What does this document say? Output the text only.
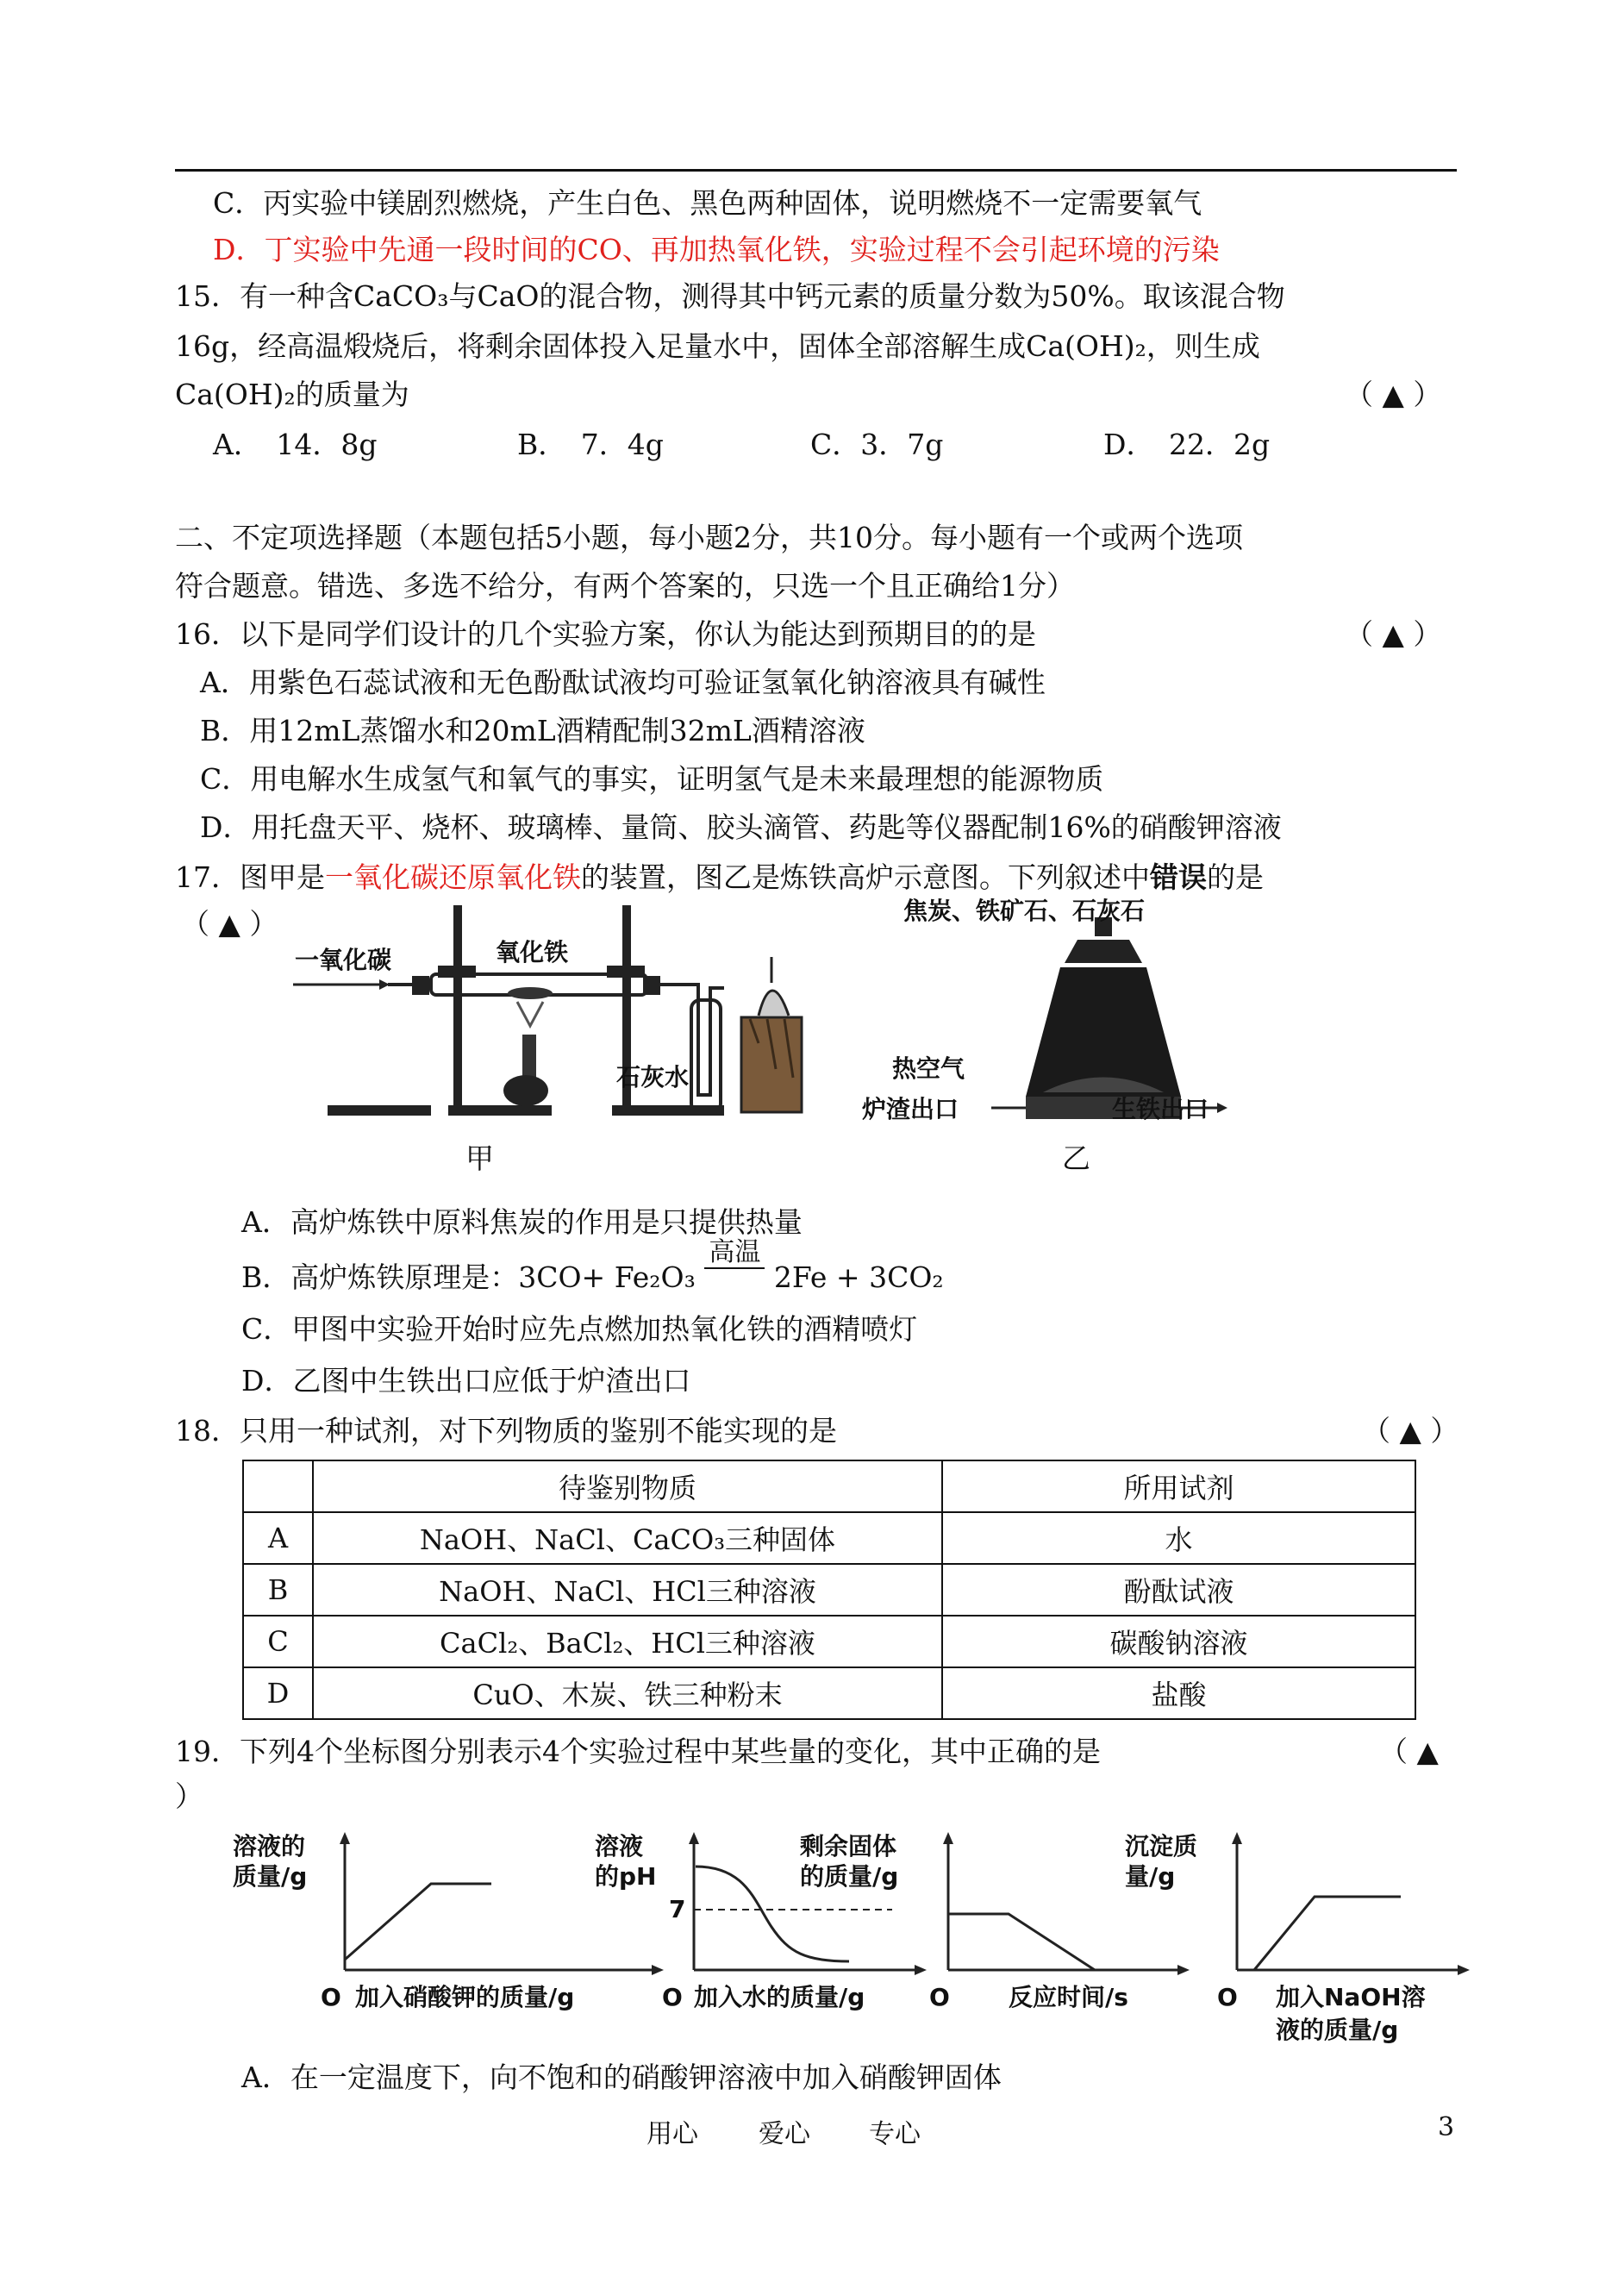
C．丙实验中镁剧烈燃烧，产生白色、黑色两种固体，说明燃烧不一定需要氧气
D．丁实验中先通一段时间的CO、再加热氧化铁，实验过程不会引起环境的污染
15．有一种含CaCO₃与CaO的混合物，测得其中钙元素的质量分数为50%。取该混合物
16g，经高温煅烧后，将剩余固体投入足量水中，固体全部溶解生成Ca(OH)₂，则生成
Ca(OH)₂的质量为	（ ▲ ）
A．　14．8g	B．　7．4g	C．3．7g	D．　22．2g
二、不定项选择题（本题包括5小题，每小题2分，共10分。每小题有一个或两个选项
符合题意。错选、多选不给分，有两个答案的，只选一个且正确给1分）
16．以下是同学们设计的几个实验方案，你认为能达到预期目的的是	（ ▲ ）
A．用紫色石蕊试液和无色酚酞试液均可验证氢氧化钠溶液具有碱性
B．用12mL蒸馏水和20mL酒精配制32mL酒精溶液
C．用电解水生成氢气和氧气的事实，证明氢气是未来最理想的能源物质
D．用托盘天平、烧杯、玻璃棒、量筒、胶头滴管、药匙等仪器配制16%的硝酸钾溶液
17．图甲是一氧化碳还原氧化铁的装置，图乙是炼铁高炉示意图。下列叙述中错误的是
（ ▲ ）
一氧化碳	氧化铁
石灰水
甲
焦炭、铁矿石、石灰石
热空气
炉渣出口	生铁出口
乙
A．高炉炼铁中原料焦炭的作用是只提供热量
B．高炉炼铁原理是：3CO+ Fe₂O₃
高温
2Fe + 3CO₂
C．甲图中实验开始时应先点燃加热氧化铁的酒精喷灯
D．乙图中生铁出口应低于炉渣出口
18．只用一种试剂，对下列物质的鉴别不能实现的是	（ ▲ ）
	待鉴别物质	所用试剂
A	NaOH、NaCl、CaCO₃三种固体	水
B	NaOH、NaCl、HCl三种溶液	酚酞试液
C	CaCl₂、BaCl₂、HCl三种溶液	碳酸钠溶液
D	CuO、木炭、铁三种粉末	盐酸
19．下列4个坐标图分别表示4个实验过程中某些量的变化，其中正确的是	（ ▲
）
溶液的
质量/g
O 加入硝酸钾的质量/g
溶液
的pH
7
O 加入水的质量/g
剩余固体
的质量/g
O 反应时间/s
沉淀质
量/g
O 加入NaOH溶
液的质量/g
A．在一定温度下，向不饱和的硝酸钾溶液中加入硝酸钾固体
用心 爱心 专心	3
